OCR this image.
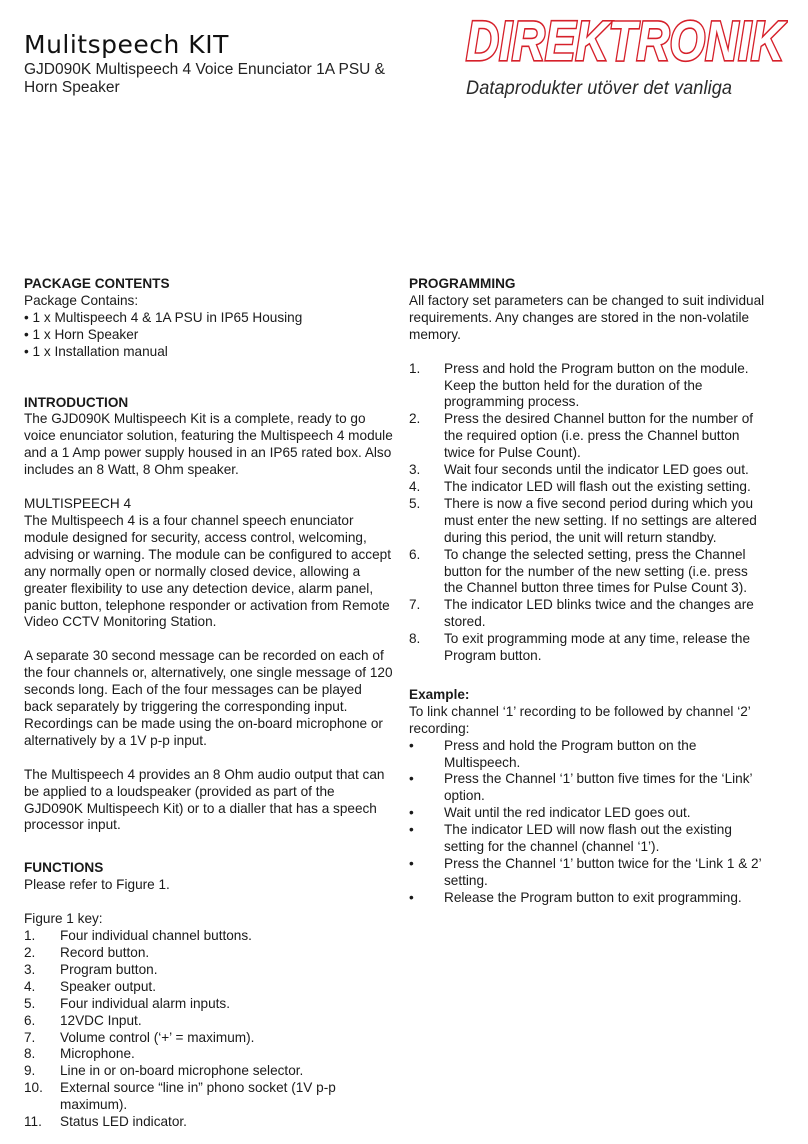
Mulitspeech KIT
GJD090K Multispeech 4 Voice Enunciator 1A PSU & Horn Speaker
DIREKTRONIK
Dataprodukter utöver det vanliga
PACKAGE CONTENTS
Package Contains:
• 1 x Multispeech 4 & 1A PSU in IP65 Housing
• 1 x Horn Speaker
• 1 x Installation manual
INTRODUCTION
The GJD090K Multispeech Kit is a complete, ready to go voice enunciator solution, featuring the Multispeech 4 module and a 1 Amp power supply housed in an IP65 rated box. Also includes an 8 Watt, 8 Ohm speaker.
MULTISPEECH 4
The Multispeech 4 is a four channel speech enunciator module designed for security, access control, welcoming, advising or warning. The module can be configured to accept any normally open or normally closed device, allowing a greater flexibility to use any detection device, alarm panel, panic button, telephone responder or activation from Remote Video CCTV Monitoring Station.
A separate 30 second message can be recorded on each of the four channels or, alternatively, one single message of 120 seconds long. Each of the four messages can be played back separately by triggering the corresponding input. Recordings can be made using the on-board microphone or alternatively by a 1V p-p input.
The Multispeech 4 provides an 8 Ohm audio output that can be applied to a loudspeaker (provided as part of the GJD090K Multispeech Kit) or to a dialler that has a speech processor input.
FUNCTIONS
Please refer to Figure 1.
Figure 1 key:
1.	Four individual channel buttons.
2.	Record button.
3.	Program button.
4.	Speaker output.
5.	Four individual alarm inputs.
6.	12VDC Input.
7.	Volume control (‘+’ = maximum).
8.	Microphone.
9.	Line in or on-board microphone selector.
10.	External source “line in” phono socket (1V p-p maximum).
11.	Status LED indicator.
PROGRAMMING
All factory set parameters can be changed to suit individual requirements. Any changes are stored in the non-volatile memory.
1.	Press and hold the Program button on the module. Keep the button held for the duration of the programming process.
2.	Press the desired Channel button for the number of the required option (i.e. press the Channel button twice for Pulse Count).
3.	Wait four seconds until the indicator LED goes out.
4.	The indicator LED will flash out the existing setting.
5.	There is now a five second period during which you must enter the new setting. If no settings are altered during this period, the unit will return standby.
6.	To change the selected setting, press the Channel button for the number of the new setting (i.e. press the Channel button three times for Pulse Count 3).
7.	The indicator LED blinks twice and the changes are stored.
8.	To exit programming mode at any time, release the Program button.
Example:
To link channel ‘1’ recording to be followed by channel ‘2’ recording:
•	Press and hold the Program button on the Multispeech.
•	Press the Channel ‘1’ button five times for the ‘Link’ option.
•	Wait until the red indicator LED goes out.
•	The indicator LED will now flash out the existing setting for the channel (channel ‘1’).
•	Press the Channel ‘1’ button twice for the ‘Link 1 & 2’ setting.
•	Release the Program button to exit programming.
